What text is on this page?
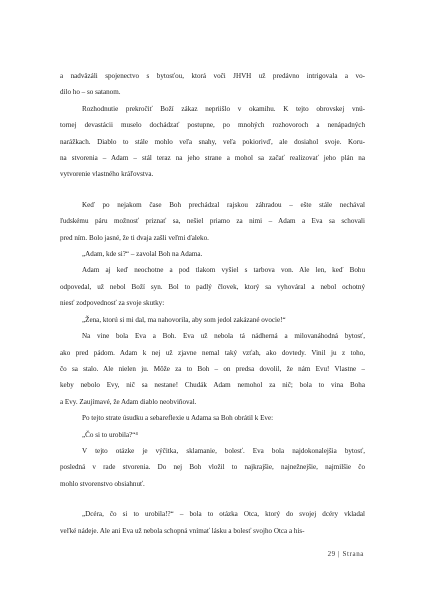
a nadväzáli spojenectvo s bytosťou, ktorá voči JHVH už predávno intrigovala a vo-
dilo ho – so satanom.
Rozhodnutie prekročiť Boží zákaz nepriišlo v okamihu. K tejto obrovskej vnú-
tornej devastácii muselo dochádzať postupne, po mnohých rozhovoroch a nenápadných
narážkach. Diablo to stále mohlo veľa snahy, veľa pokiorivď, ale dosiahol svoje. Koru-
na stvorenia – Adam – stál teraz na jeho strane a mohol sa začať realizovať jeho plán na
vytvorenie vlastného kráľovstva.
Keď po nejakom čase Boh prechádzal rajskou záhradou – ešte stále nechával
ľudskému páru možnosť priznať sa, nešiel priamo za nimi – Adam a Eva sa schovali
pred ním. Bolo jasné, že ti dvaja zašli veľmi ďaleko.
„Adam, kde si?“ – zavolal Boh na Adama.
Adam aj keď neochotne a pod tlakom vyšiel s tarbova von. Ale len, keď Bohu
odpovedal, už nebol Boží syn. Bol to padlý človek, ktorý sa vyhováral a nebol ochotný
niesť zodpovednosť za svoje skutky:
„Žena, ktorú si mi dal, ma nahovorila, aby som jedol zakázané ovocie!“
Na vine bola Eva a Boh. Eva už nebola tá nádherná a milovanáhodná bytosť,
ako pred pádom. Adam k nej už zjavne nemal taký vzťah, ako dovtedy. Vinil ju z toho,
čo sa stalo. Ale nielen ju. Môže za to Boh – on predsa dovolil, že nám Evu! Vlastne –
keby nebolo Evy, nič sa nestane! Chudák Adam nemohol za nič; bola to vina Boha
a Evy. Zaujímavé, že Adam diablo neobviňoval.
Po tejto strate úsudku a sebareflexie u Adama sa Boh obrátil k Eve:
„Čo si to urobila?“⁴
V tejto otázke je výčitka, sklamanie, bolesť. Eva bola najdokonalejšia bytosť,
posledná v rade stvorenia. Do nej Boh vložil to najkrajšie, najnežnejšie, najmilšie čo
mohlo stvorenstvo obsiahnuť.
„Dcéra, čo si to urobila!?“ – bola to otázka Otca, ktorý do svojej dcéry vkladal
veľké nádeje. Ale ani Eva už nebola schopná vnímať lásku a bolesť svojho Otca a his-
29 | Strana
